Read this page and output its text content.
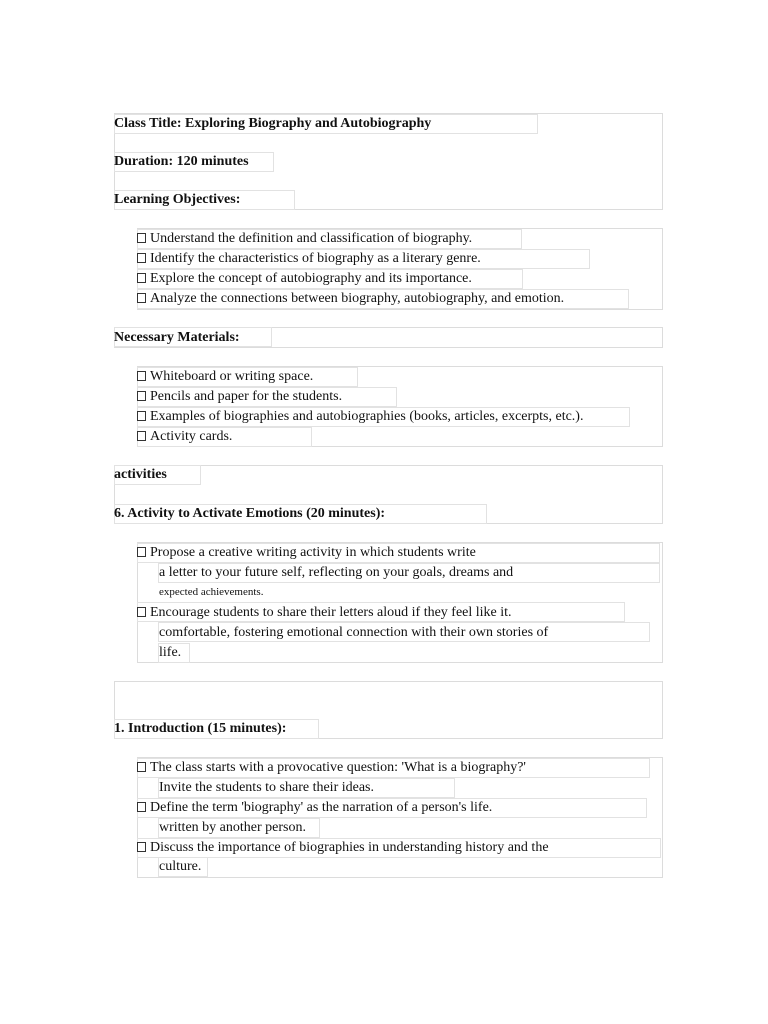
Class Title: Exploring Biography and Autobiography
Duration: 120 minutes
Learning Objectives:
Understand the definition and classification of biography.
Identify the characteristics of biography as a literary genre.
Explore the concept of autobiography and its importance.
Analyze the connections between biography, autobiography, and emotion.
Necessary Materials:
Whiteboard or writing space.
Pencils and paper for the students.
Examples of biographies and autobiographies (books, articles, excerpts, etc.).
Activity cards.
activities
6. Activity to Activate Emotions (20 minutes):
Propose a creative writing activity in which students write
a letter to your future self, reflecting on your goals, dreams and
expected achievements.
Encourage students to share their letters aloud if they feel like it.
comfortable, fostering emotional connection with their own stories of
life.
1. Introduction (15 minutes):
The class starts with a provocative question: 'What is a biography?'
Invite the students to share their ideas.
Define the term 'biography' as the narration of a person's life.
written by another person.
Discuss the importance of biographies in understanding history and the
culture.
